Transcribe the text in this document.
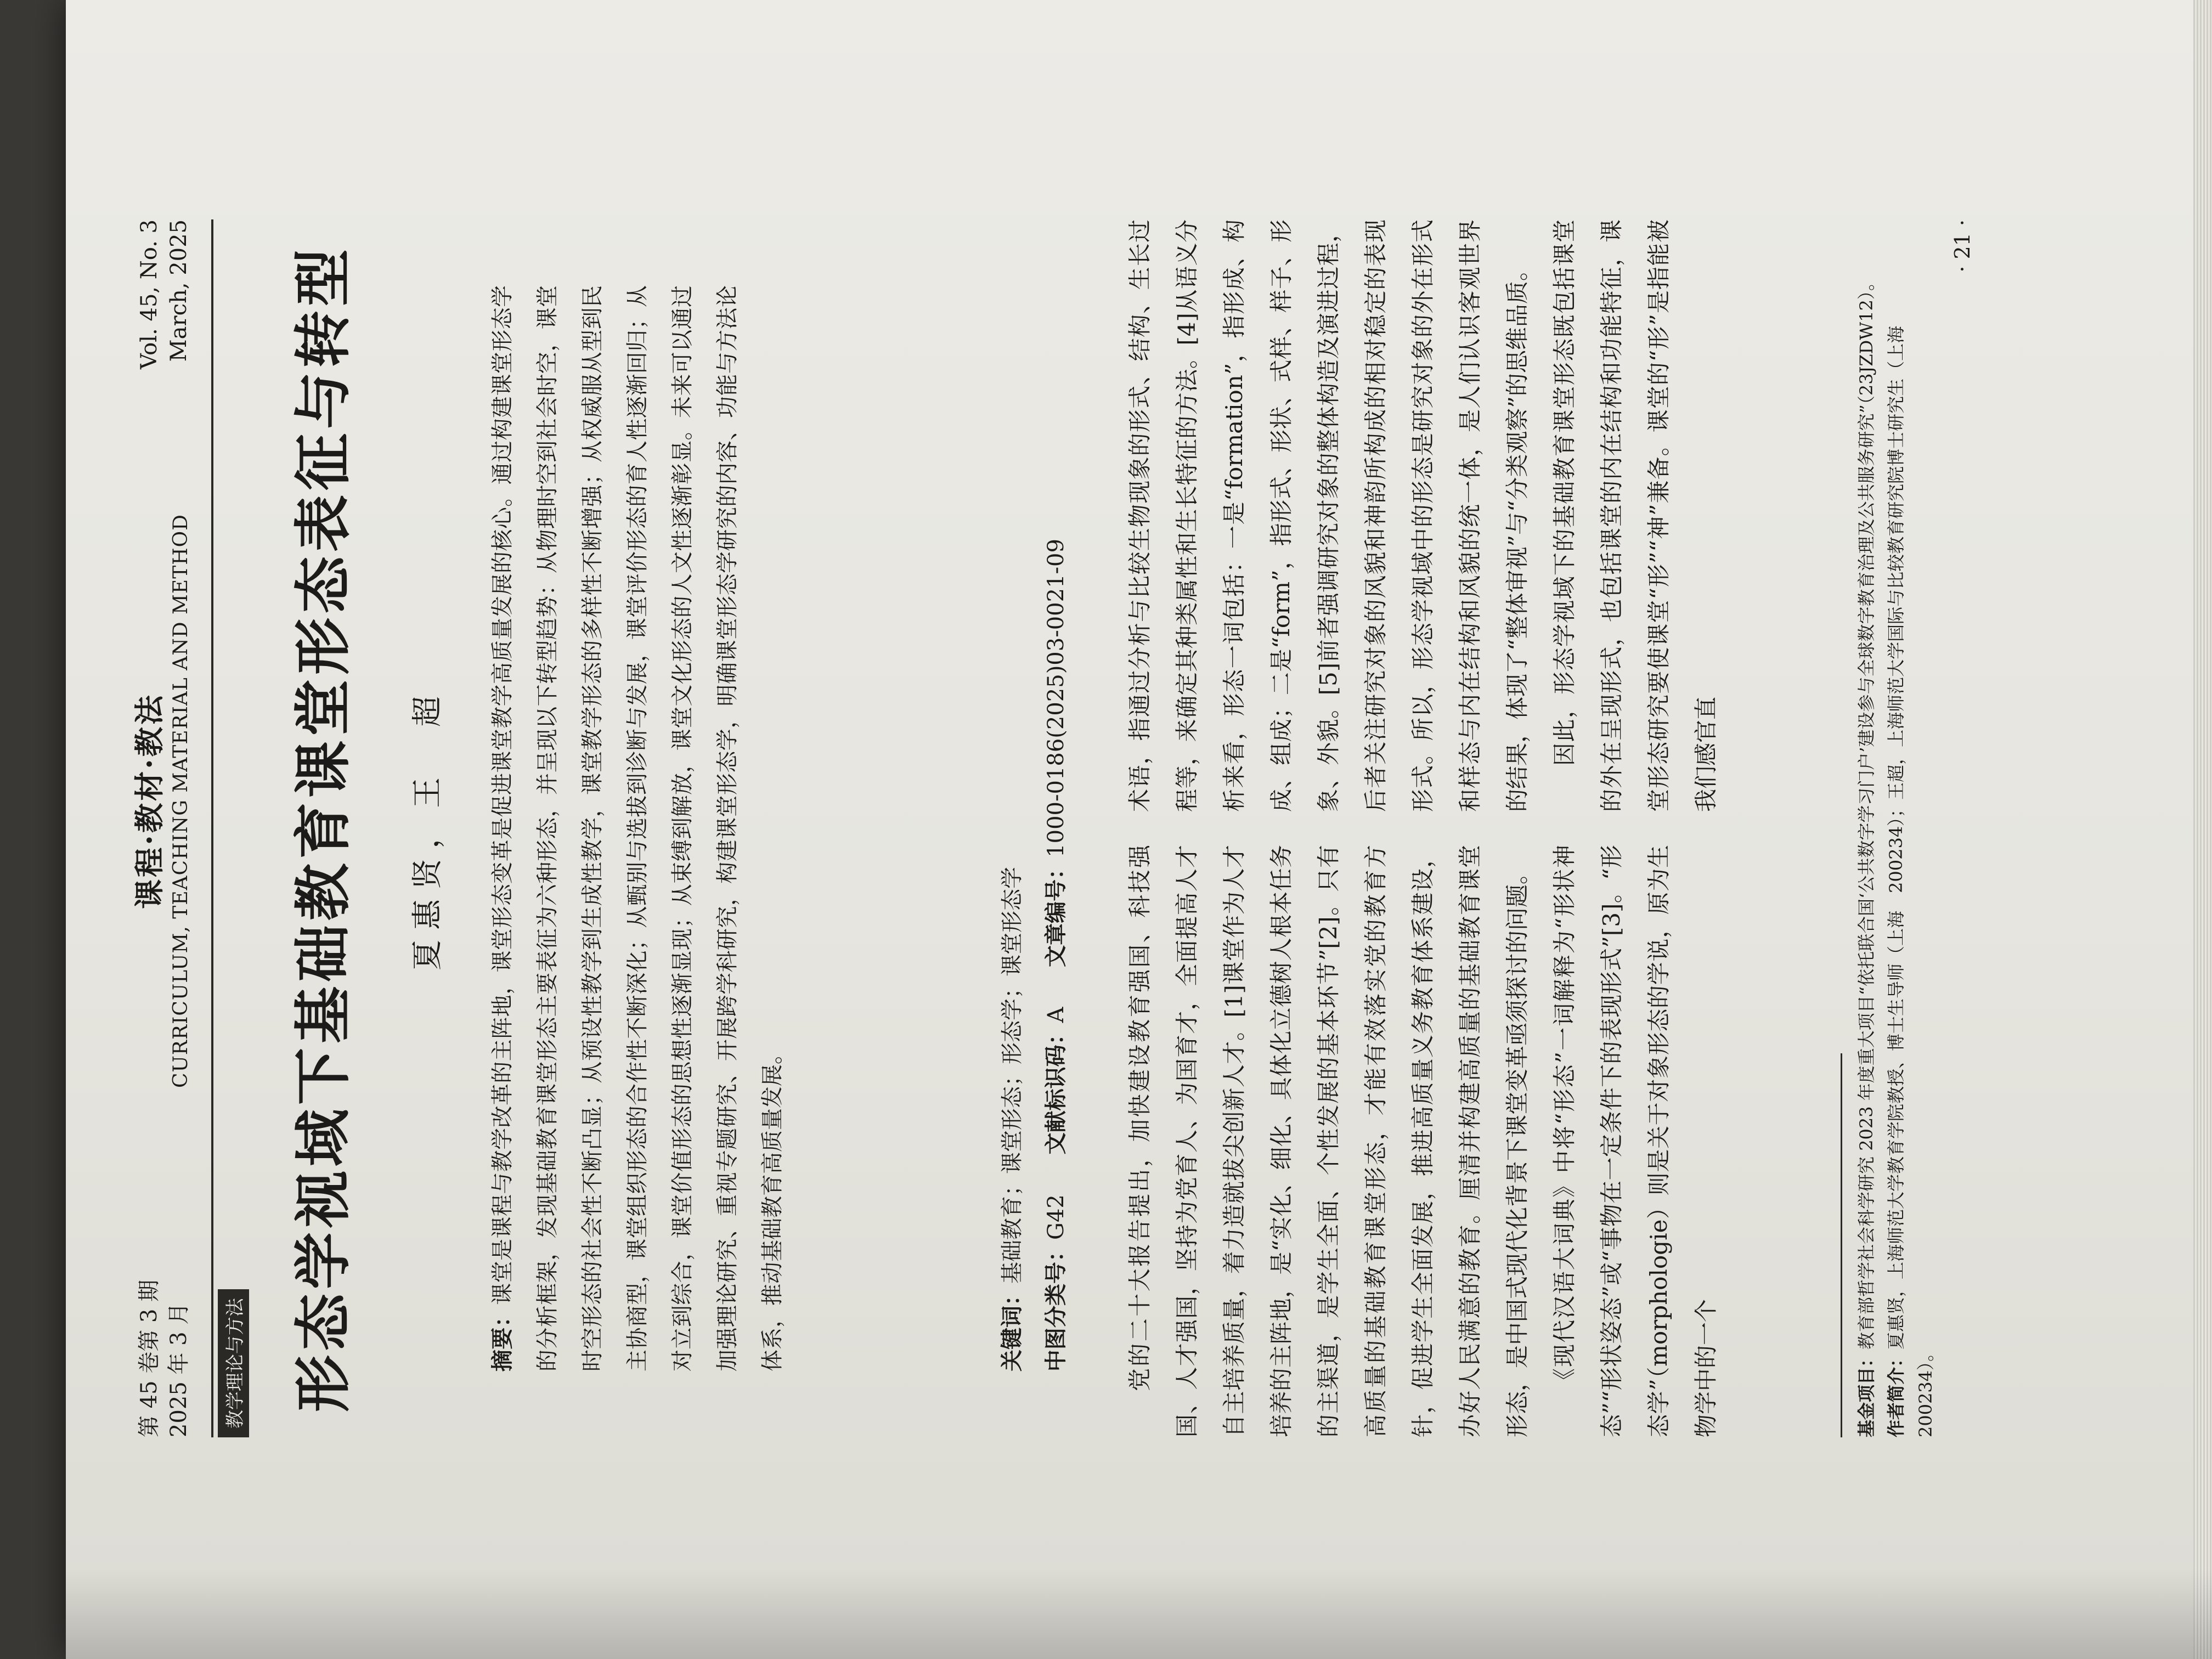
第 45 卷第 3 期 2025 年 3 月
课程·教材·教法 CURRICULUM, TEACHING MATERIAL AND METHOD
Vol. 45, No. 3 March, 2025
教学理论与方法 形态学视域下基础教育课堂形态表征与转型 夏惠贤，王　超
摘要：课堂是课程与教学改革的主阵地，课堂形态变革是促进课堂教学高质量发展的核心。通过构建课堂形态学的分析框架，发现基础教育课堂形态主要表征为六种形态，并呈现以下转型趋势：从物理时空到社会时空，课堂时空形态的社会性不断凸显；从预设性教学到生成性教学，课堂教学形态的多样性不断增强；从权威服从型到民主协商型，课堂组织形态的合作性不断深化；从甄别与选拔到诊断与发展，课堂评价形态的育人性逐渐回归；从对立到综合，课堂价值形态的思想性逐渐显现；从束缚到解放，课堂文化形态的人文性逐渐彰显。未来可以通过加强理论研究、重视专题研究、开展跨学科研究，构建课堂形态学，明确课堂形态学研究的内容、功能与方法论体系，推动基础教育高质量发展。	关键词：基础教育；课堂形态；形态学；课堂形态学
中图分类号：G42 文献标识码：A 文章编号：1000-0186(2025)03-0021-09

党的二十大报告提出，加快建设教育强国、科技强国、人才强国，坚持为党育人、为国育才，全面提高人才自主培养质量，着力造就拔尖创新人才。[1]课堂作为人才培养的主阵地，是“实化、细化、具体化立德树人根本任务的主渠道，是学生全面、个性发展的基本环节”[2]。只有高质量的基础教育课堂形态，才能有效落实党的教育方针，促进学生全面发展，推进高质量义务教育体系建设，办好人民满意的教育。厘清并构建高质量的基础教育课堂形态，是中国式现代化背景下课堂变革亟须探讨的问题。 《现代汉语大词典》中将“形态”一词解释为“形状神态”“形状姿态”或“事物在一定条件下的表现形式”[3]。“形态学”（morphologie）则是关于对象形态的学说，原为生物学中的一个

术语，指通过分析与比较生物现象的形式、结构、生长过程等，来确定其种类属性和生长特征的方法。[4]从语义分析来看，形态一词包括：一是“formation”，指形成、构成、组成；二是“form”，指形式、形状、式样、样子、形象、外貌。[5]前者强调研究对象的整体构造及演进过程，后者关注研究对象的风貌和神韵所构成的相对稳定的表现形式。所以，形态学视域中的形态是研究对象的外在形式和样态与内在结构和风貌的统一体，是人们认识客观世界的结果，体现了“整体审视”与“分类观察”的思维品质。 因此，形态学视域下的基础教育课堂形态既包括课堂的外在呈现形式，也包括课堂的内在结构和功能特征，课堂形态研究要使课堂“形”“神”兼备。课堂的“形”是指能被我们感官直

基金项目：教育部哲学社会科学研究 2023 年度重大项目“依托联合国‘公共数字学习门户’建设参与全球数字教育治理及公共服务研究”（23JZDW12）。

作者简介：夏惠贤，上海师范大学教育学院教授、博士生导师（上海　200234）；王超，上海师范大学国际与比较教育研究院博士研究生（上海　200234）。

· 21 ·
